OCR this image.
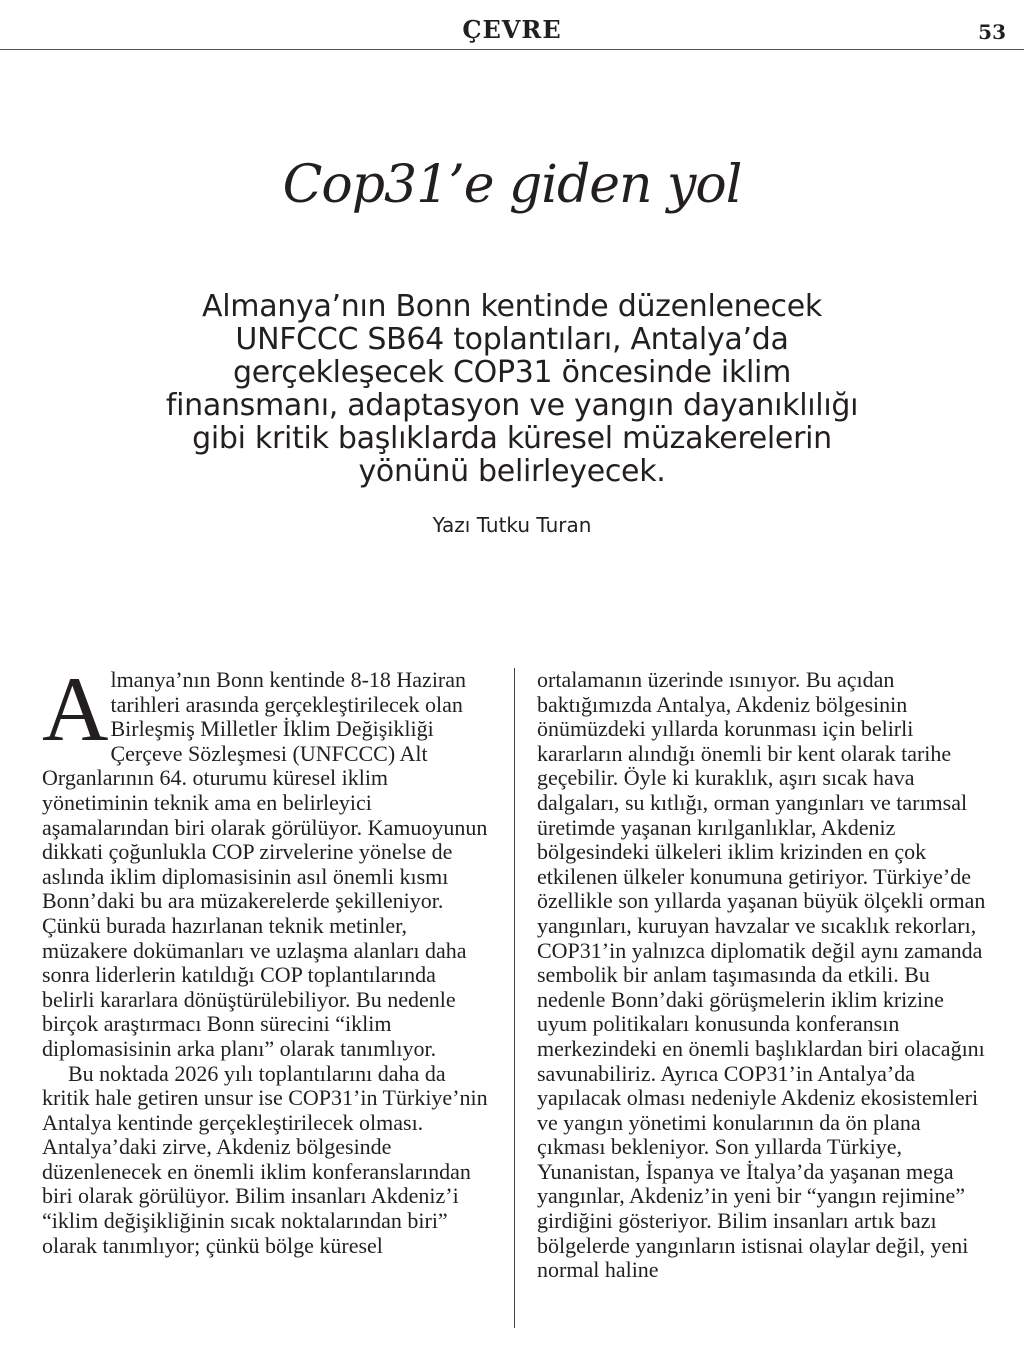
ÇEVRE	53
Cop31’e giden yol
Almanya’nın Bonn kentinde düzenlenecek UNFCCC SB64 toplantıları, Antalya’da gerçekleşecek COP31 öncesinde iklim finansmanı, adaptasyon ve yangın dayanıklılığı gibi kritik başlıklarda küresel müzakerelerin yönünü belirleyecek.
Yazı Tutku Turan

Almanya’nın Bonn kentinde 8-18 Haziran tarihleri arasında gerçekleştirilecek olan Birleşmiş Milletler İklim Değişikliği Çerçeve Sözleşmesi (UNFCCC) Alt Organlarının 64. oturumu küresel iklim yönetiminin teknik ama en belirleyici aşamalarından biri olarak görülüyor. Kamuoyunun dikkati çoğunlukla COP zirvelerine yönelse de aslında iklim diplomasisinin asıl önemli kısmı Bonn’daki bu ara müzakerelerde şekilleniyor. Çünkü burada hazırlanan teknik metinler, müzakere dokümanları ve uzlaşma alanları daha sonra liderlerin katıldığı COP toplantılarında belirli kararlara dönüştürülebiliyor. Bu nedenle birçok araştırmacı Bonn sürecini “iklim diplomasisinin arka planı” olarak tanımlıyor.

Bu noktada 2026 yılı toplantılarını daha da kritik hale getiren unsur ise COP31’in Türkiye’nin Antalya kentinde gerçekleştirilecek olması. Antalya’daki zirve, Akdeniz bölgesinde düzenlenecek en önemli iklim konferanslarından biri olarak görülüyor. Bilim insanları Akdeniz’i “iklim değişikliğinin sıcak noktalarından biri” olarak tanımlıyor; çünkü bölge küresel

ortalamanın üzerinde ısınıyor. Bu açıdan baktığımızda Antalya, Akdeniz bölgesinin önümüzdeki yıllarda korunması için belirli kararların alındığı önemli bir kent olarak tarihe geçebilir. Öyle ki kuraklık, aşırı sıcak hava dalgaları, su kıtlığı, orman yangınları ve tarımsal üretimde yaşanan kırılganlıklar, Akdeniz bölgesindeki ülkeleri iklim krizinden en çok etkilenen ülkeler konumuna getiriyor. Türkiye’de özellikle son yıllarda yaşanan büyük ölçekli orman yangınları, kuruyan havzalar ve sıcaklık rekorları, COP31’in yalnızca diplomatik değil aynı zamanda sembolik bir anlam taşımasında da etkili. Bu nedenle Bonn’daki görüşmelerin iklim krizine uyum politikaları konusunda konferansın merkezindeki en önemli başlıklardan biri olacağını savunabiliriz. Ayrıca COP31’in Antalya’da yapılacak olması nedeniyle Akdeniz ekosistemleri ve yangın yönetimi konularının da ön plana çıkması bekleniyor. Son yıllarda Türkiye, Yunanistan, İspanya ve İtalya’da yaşanan mega yangınlar, Akdeniz’in yeni bir “yangın rejimine” girdiğini gösteriyor. Bilim insanları artık bazı bölgelerde yangınların istisnai olaylar değil, yeni normal haline
